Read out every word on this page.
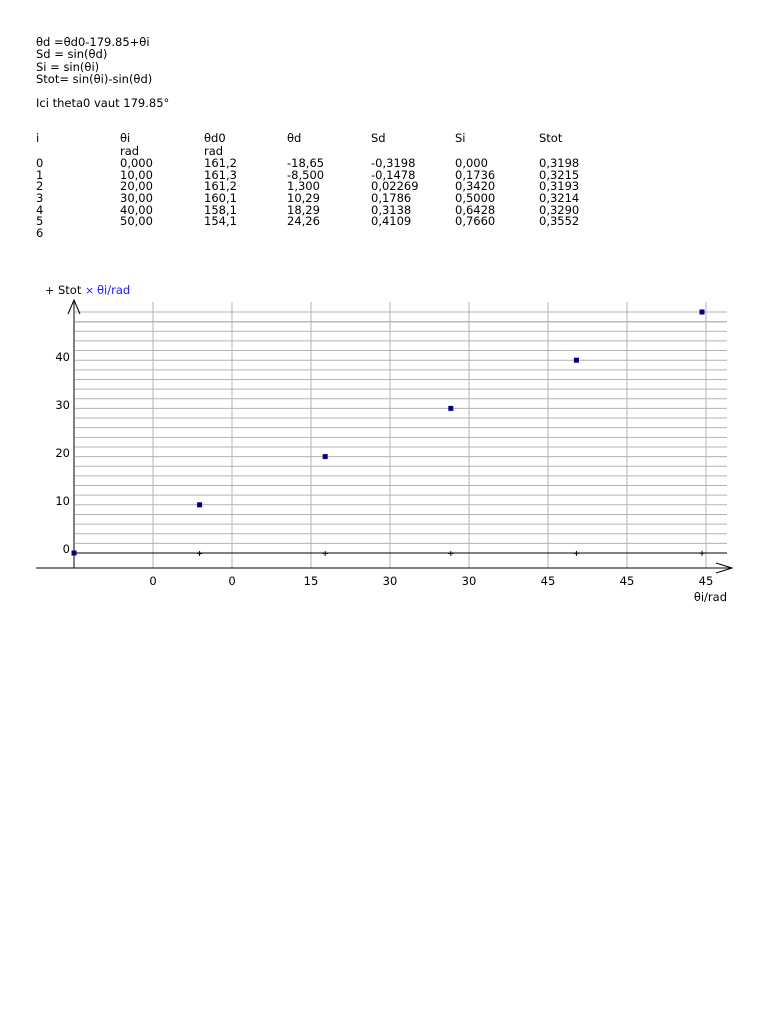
θd =θd0-179.85+θi
Sd = sin(θd)
Si = sin(θi)
Stot= sin(θi)-sin(θd)
Ici theta0 vaut 179.85°
i	θi	θd0	θd	Sd	Si	Stot
	rad	rad				
0	0,000	161,2	-18,65	-0,3198	0,000	0,3198
1	10,00	161,3	-8,500	-0,1478	0,1736	0,3215
2	20,00	161,2	1,300	0,02269	0,3420	0,3193
3	30,00	160,1	10,29	0,1786	0,5000	0,3214
4	40,00	158,1	18,29	0,3138	0,6428	0,3290
5	50,00	154,1	24,26	0,4109	0,7660	0,3552
6						
0
10
20
30
40
0	0	15	30	30	45	45	45
θi/rad
+ Stot × θi/rad
